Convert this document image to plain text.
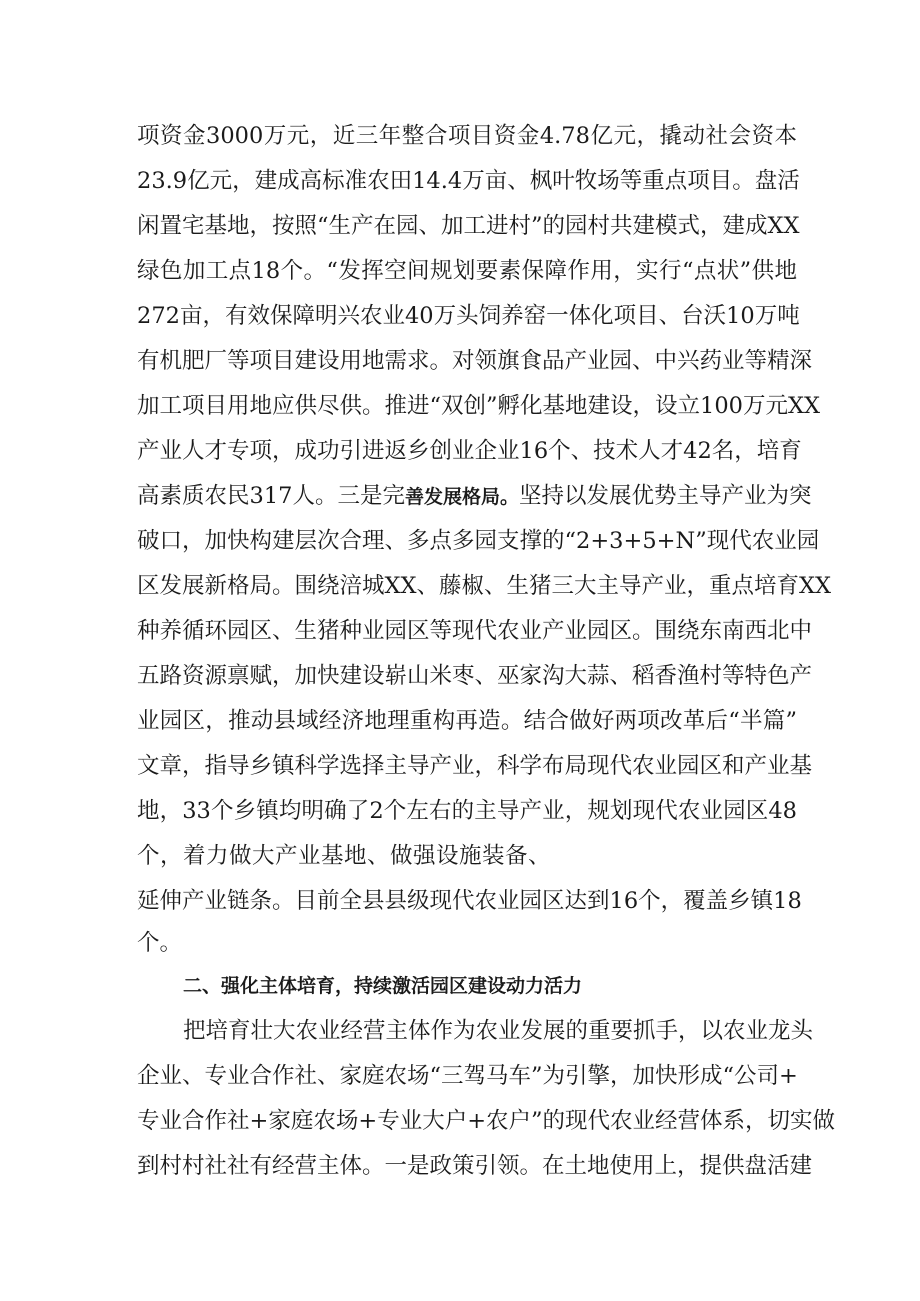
项资金3000万元，近三年整合项目资金4.78亿元，撬动社会资本
23.9亿元，建成高标准农田14.4万亩、枫叶牧场等重点项目。盘活
闲置宅基地，按照“生产在园、加工进村”的园村共建模式，建成XX
绿色加工点18个。“发挥空间规划要素保障作用，实行“点状”供地
272亩，有效保障明兴农业40万头饲养窑一体化项目、台沃10万吨
有机肥厂等项目建设用地需求。对领旗食品产业园、中兴药业等精深
加工项目用地应供尽供。推进“双创”孵化基地建设，设立100万元XX
产业人才专项，成功引进返乡创业企业16个、技术人才42名，培育
高素质农民317人。三是完善发展格局。坚持以发展优势主导产业为突
破口，加快构建层次合理、多点多园支撑的“2+3+5+N”现代农业园
区发展新格局。围绕涪城XX、藤椒、生猪三大主导产业，重点培育XX
种养循环园区、生猪种业园区等现代农业产业园区。围绕东南西北中
五路资源禀赋，加快建设崭山米枣、巫家沟大蒜、稻香渔村等特色产
业园区，推动县域经济地理重构再造。结合做好两项改革后“半篇”
文章，指导乡镇科学选择主导产业，科学布局现代农业园区和产业基
地，33个乡镇均明确了2个左右的主导产业，规划现代农业园区48
个，着力做大产业基地、做强设施装备、
延伸产业链条。目前全县县级现代农业园区达到16个，覆盖乡镇18
个。
二、强化主体培育，持续激活园区建设动力活力
把培育壮大农业经营主体作为农业发展的重要抓手，以农业龙头
企业、专业合作社、家庭农场“三驾马车”为引擎，加快形成“公司+
专业合作社+家庭农场+专业大户+农户”的现代农业经营体系，切实做
到村村社社有经营主体。一是政策引领。在土地使用上，提供盘活建
